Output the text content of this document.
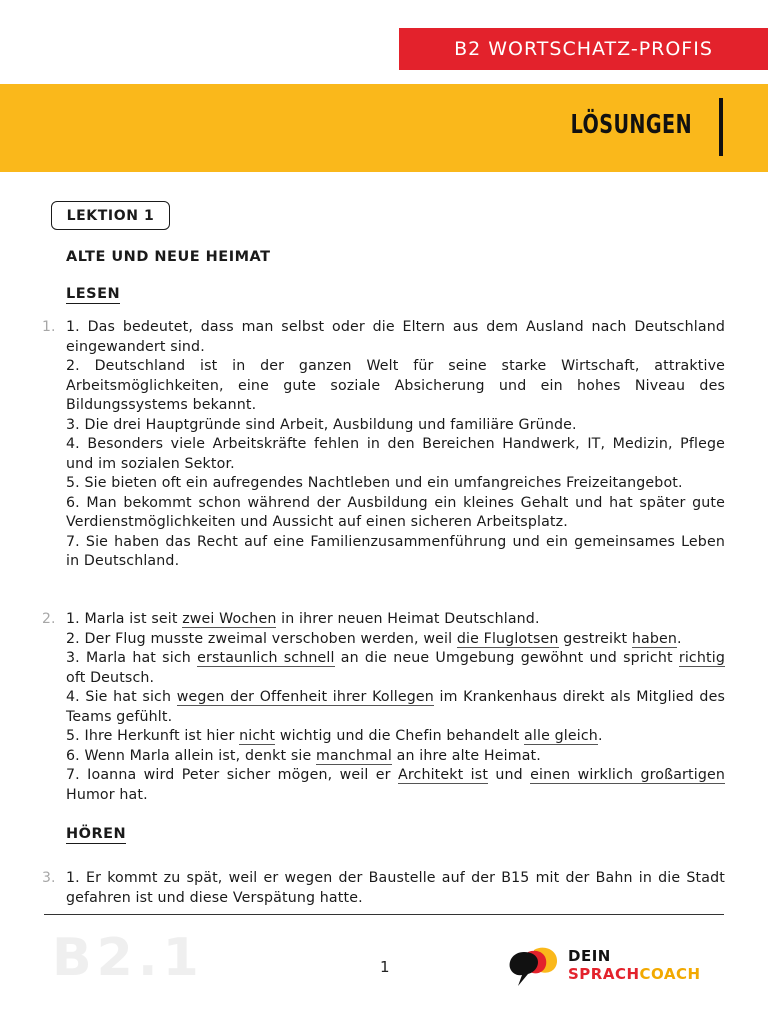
B2 WORTSCHATZ-PROFIS
LÖSUNGEN
LEKTION 1
ALTE UND NEUE HEIMAT
LESEN
1. 1. Das bedeutet, dass man selbst oder die Eltern aus dem Ausland nach Deutschland eingewandert sind.

2. Deutschland ist in der ganzen Welt für seine starke Wirtschaft, attraktive Arbeitsmöglichkeiten, eine gute soziale Absicherung und ein hohes Niveau des Bildungssystems bekannt.

3. Die drei Hauptgründe sind Arbeit, Ausbildung und familiäre Gründe.

4. Besonders viele Arbeitskräfte fehlen in den Bereichen Handwerk, IT, Medizin, Pflege und im sozialen Sektor.

5. Sie bieten oft ein aufregendes Nachtleben und ein umfangreiches Freizeitangebot.

6. Man bekommt schon während der Ausbildung ein kleines Gehalt und hat später gute Verdienstmöglichkeiten und Aussicht auf einen sicheren Arbeitsplatz.

7. Sie haben das Recht auf eine Familienzusammenführung und ein gemeinsames Leben in Deutschland.

2. 1. Marla ist seit zwei Wochen in ihrer neuen Heimat Deutschland.

2. Der Flug musste zweimal verschoben werden, weil die Fluglotsen gestreikt haben.

3. Marla hat sich erstaunlich schnell an die neue Umgebung gewöhnt und spricht richtig oft Deutsch.

4. Sie hat sich wegen der Offenheit ihrer Kollegen im Krankenhaus direkt als Mitglied des Teams gefühlt.

5. Ihre Herkunft ist hier nicht wichtig und die Chefin behandelt alle gleich.

6. Wenn Marla allein ist, denkt sie manchmal an ihre alte Heimat.

7. Ioanna wird Peter sicher mögen, weil er Architekt ist und einen wirklich großartigen Humor hat.

HÖREN
3. 1. Er kommt zu spät, weil er wegen der Baustelle auf der B15 mit der Bahn in die Stadt gefahren ist und diese Verspätung hatte.

B2.1	1
DEIN
SPRACHCOACH
